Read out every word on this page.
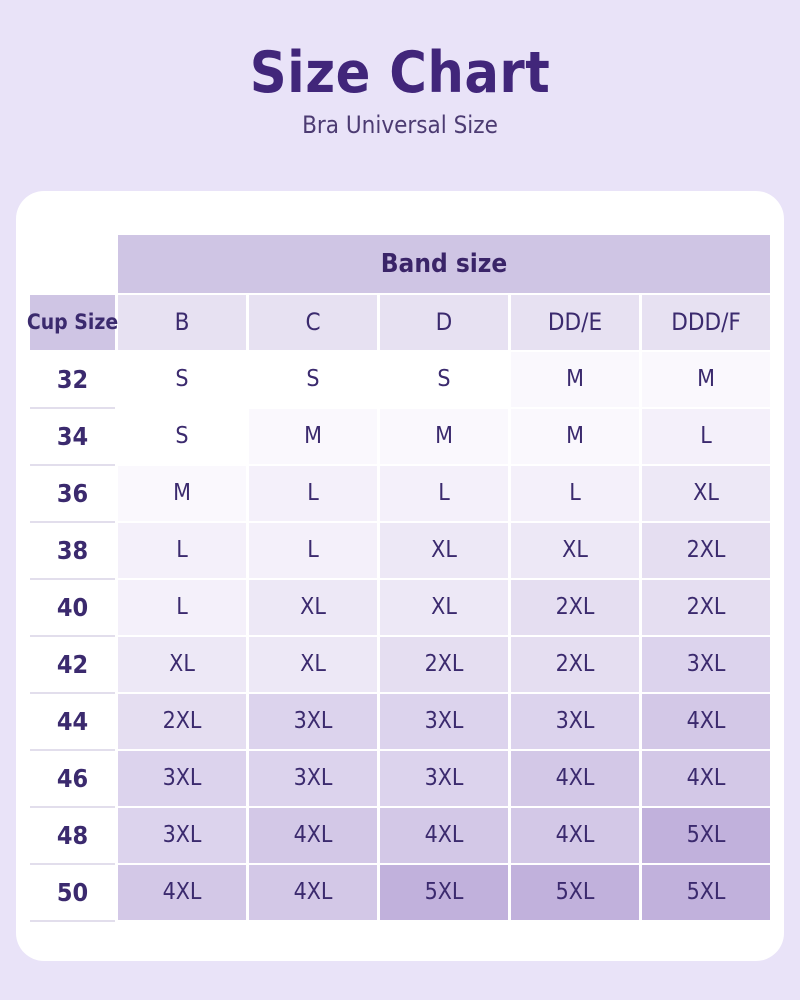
Size Chart

Bra Universal Size

Band size
Cup Size	B	C	D	DD/E	DDD/F
32	S	S	S	M	M
34	S	M	M	M	L
36	M	L	L	L	XL
38	L	L	XL	XL	2XL
40	L	XL	XL	2XL	2XL
42	XL	XL	2XL	2XL	3XL
44	2XL	3XL	3XL	3XL	4XL
46	3XL	3XL	3XL	4XL	4XL
48	3XL	4XL	4XL	4XL	5XL
50	4XL	4XL	5XL	5XL	5XL
